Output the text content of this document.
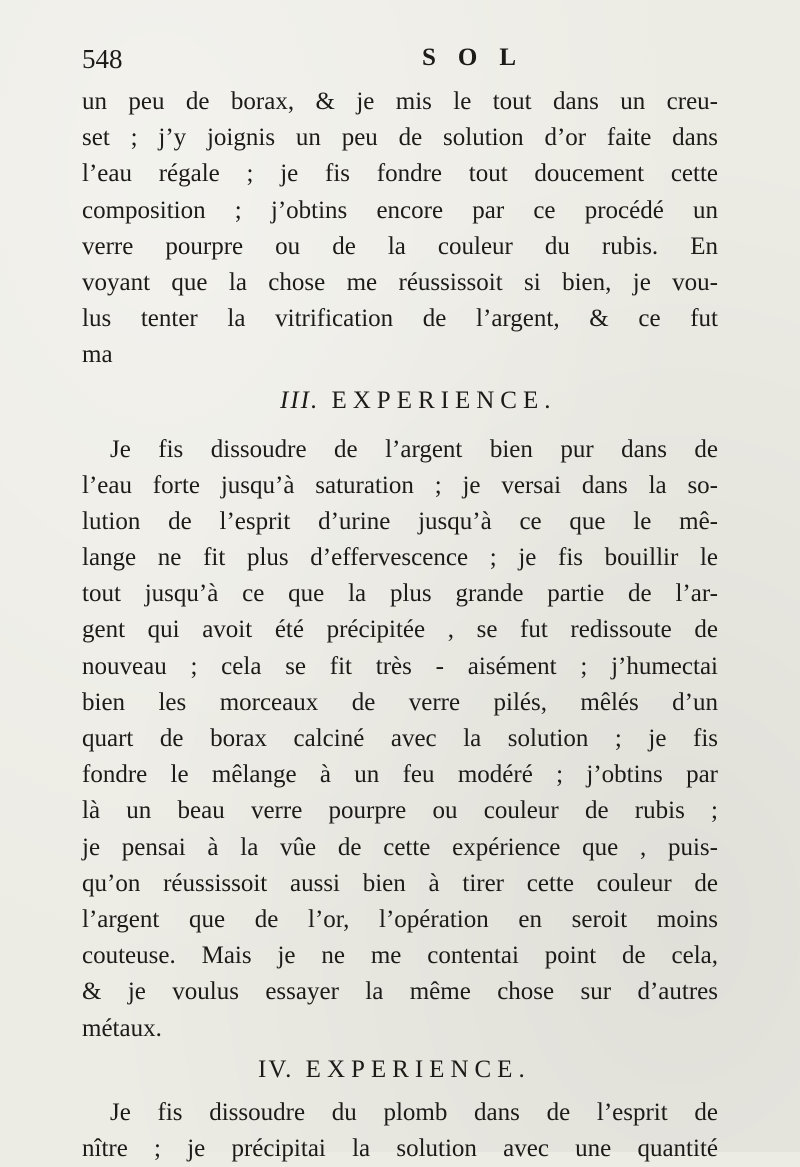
548	SOL
un peu de borax, & je mis le tout dans un creu-
set ; j’y joignis un peu de solution d’or faite dans
l’eau régale ; je fis fondre tout doucement cette
composition ; j’obtins encore par ce procédé un
verre pourpre ou de la couleur du rubis. En
voyant que la chose me réussissoit si bien, je vou-
lus tenter la vitrification de l’argent, & ce fut
ma
III. EXPERIENCE.
Je fis dissoudre de l’argent bien pur dans de
l’eau forte jusqu’à saturation ; je versai dans la so-
lution de l’esprit d’urine jusqu’à ce que le mê-
lange ne fit plus d’effervescence ; je fis bouillir le
tout jusqu’à ce que la plus grande partie de l’ar-
gent qui avoit été précipitée , se fut redissoute de
nouveau ; cela se fit très - aisément ; j’humectai
bien les morceaux de verre pilés, mêlés d’un
quart de borax calciné avec la solution ; je fis
fondre le mêlange à un feu modéré ; j’obtins par
là un beau verre pourpre ou couleur de rubis ;
je pensai à la vûe de cette expérience que , puis-
qu’on réussissoit aussi bien à tirer cette couleur de
l’argent que de l’or, l’opération en seroit moins
couteuse. Mais je ne me contentai point de cela,
& je voulus essayer la même chose sur d’autres
métaux.
IV. EXPERIENCE.
Je fis dissoudre du plomb dans de l’esprit de
nître ; je précipitai la solution avec une quantité
